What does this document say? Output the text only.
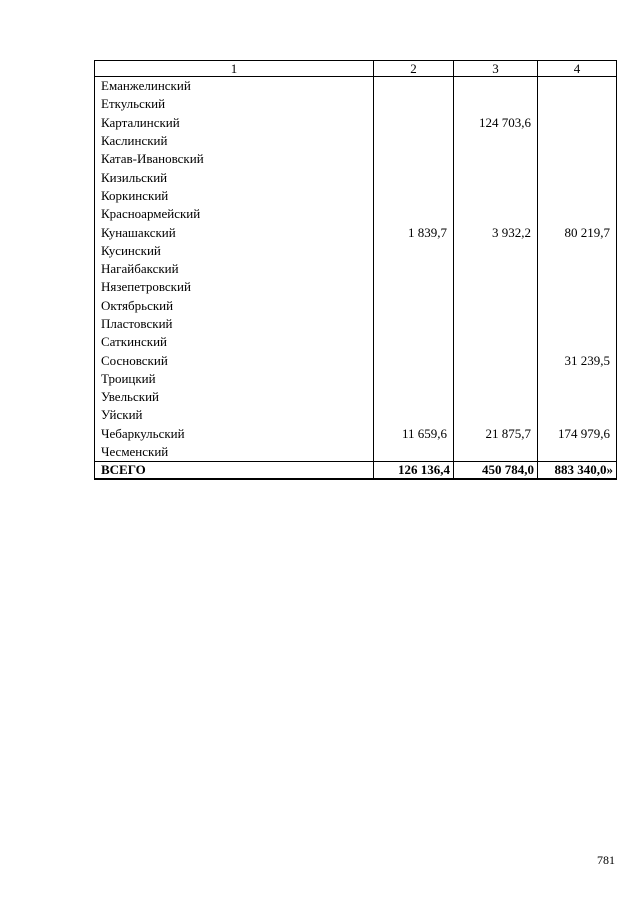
1	2	3	4
Еманжелинский			
Еткульский			
Карталинский		124 703,6	
Каслинский			
Катав-Ивановский			
Кизильский			
Коркинский			
Красноармейский			
Кунашакский	1 839,7	3 932,2	80 219,7
Кусинский			
Нагайбакский			
Нязепетровский			
Октябрьский			
Пластовский			
Саткинский			
Сосновский			31 239,5
Троицкий			
Увельский			
Уйский			
Чебаркульский	11 659,6	21 875,7	174 979,6
Чесменский			
ВСЕГО	126 136,4	450 784,0	883 340,0»
781
